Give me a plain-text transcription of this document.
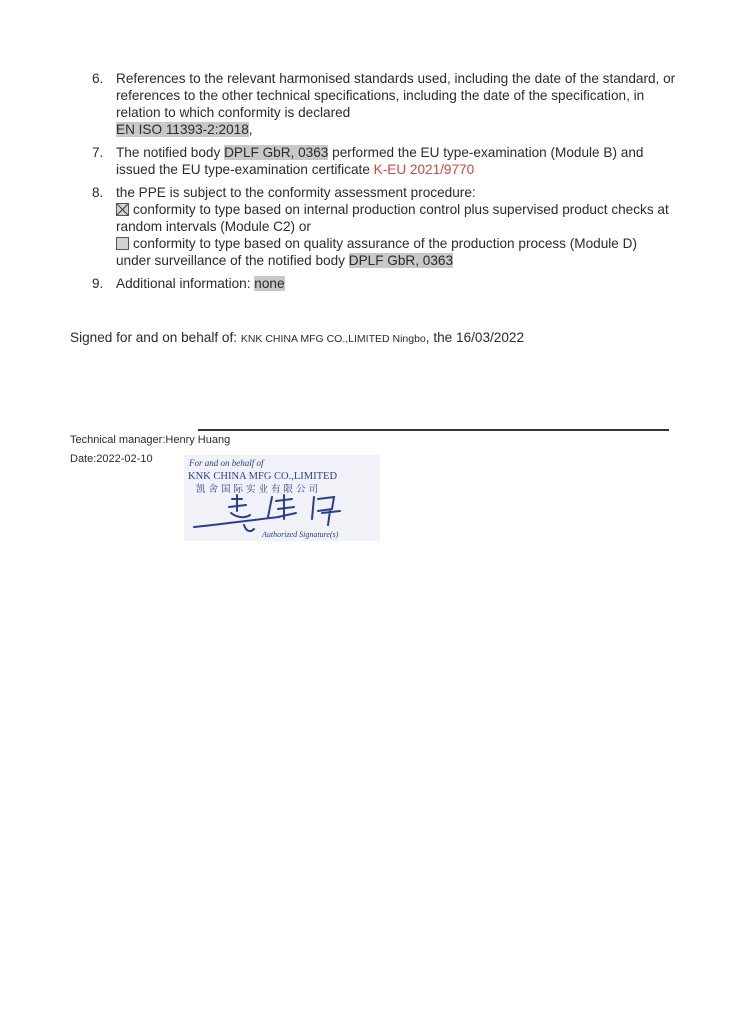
6. References to the relevant harmonised standards used, including the date of the standard, or references to the other technical specifications, including the date of the specification, in relation to which conformity is declared
EN ISO 11393-2:2018,
7. The notified body DPLF GbR, 0363 performed the EU type-examination (Module B) and issued the EU type-examination certificate K-EU 2021/9770
8. the PPE is subject to the conformity assessment procedure:
conformity to type based on internal production control plus supervised product checks at random intervals (Module C2) or
conformity to type based on quality assurance of the production process (Module D)
under surveillance of the notified body DPLF GbR, 0363
9. Additional information: none
Signed for and on behalf of: KNK CHINA MFG CO.,LIMITED Ningbo, the 16/03/2022
Technical manager:Henry Huang
Date:2022-02-10	For and on behalf of
KNK CHINA MFG CO.,LIMITED
凯舍国际实业有限公司
Authorized Signature(s)
